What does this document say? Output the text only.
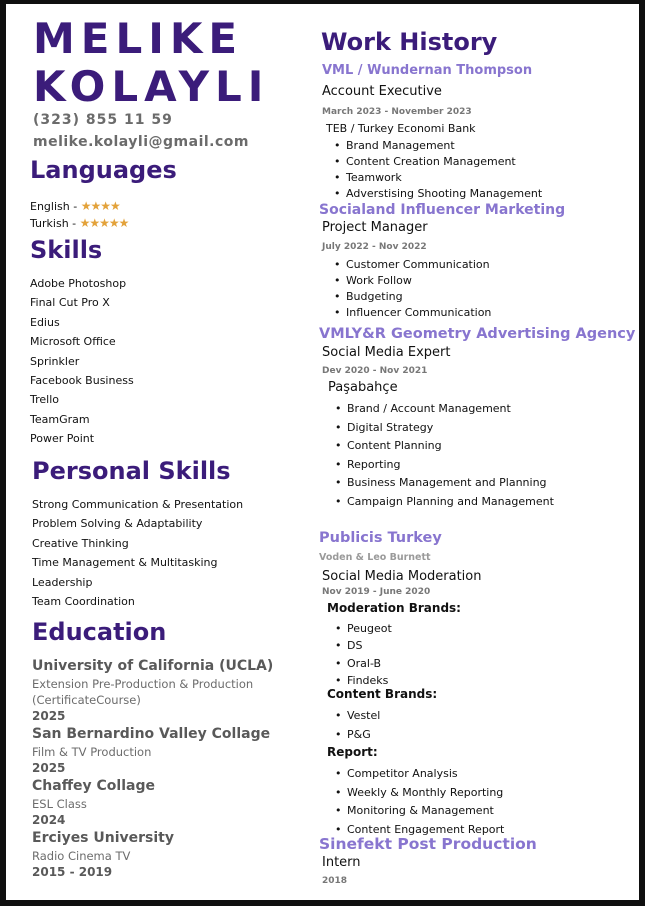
MELIKE
KOLAYLI
(323) 855 11 59
melike.kolayli@gmail.com
Languages
English - ★★★★
Turkish - ★★★★★
Skills
Adobe Photoshop
Final Cut Pro X
Edius
Microsoft Office
Sprinkler
Facebook Business
Trello
TeamGram
Power Point
Personal Skills
Strong Communication & Presentation
Problem Solving & Adaptability
Creative Thinking
Time Management & Multitasking
Leadership
Team Coordination
Education
University of California (UCLA)
Extension Pre-Production & Production
(CertificateCourse)
2025
San Bernardino Valley Collage
Film & TV Production
2025
Chaffey Collage
ESL Class
2024
Erciyes University
Radio Cinema TV
2015 - 2019
Work History
VML / Wundernan Thompson
Account Executive
March 2023 - November 2023
TEB / Turkey Economi Bank
• Brand Management
• Content Creation Management
• Teamwork
• Adverstising Shooting Management
Socialand Influencer Marketing
Project Manager
July 2022 - Nov 2022
• Customer Communication
• Work Follow
• Budgeting
• Influencer Communication
VMLY&R Geometry Advertising Agency
Social Media Expert
Dev 2020 - Nov 2021
Paşabahçe
• Brand / Account Management
• Digital Strategy
• Content Planning
• Reporting
• Business Management and Planning
• Campaign Planning and Management
Publicis Turkey
Voden & Leo Burnett
Social Media Moderation
Nov 2019 - June 2020
Moderation Brands:
• Peugeot
• DS
• Oral-B
• Findeks
Content Brands:
• Vestel
• P&G
Report:
• Competitor Analysis
• Weekly & Monthly Reporting
• Monitoring & Management
• Content Engagement Report
Sinefekt Post Production
Intern
2018
